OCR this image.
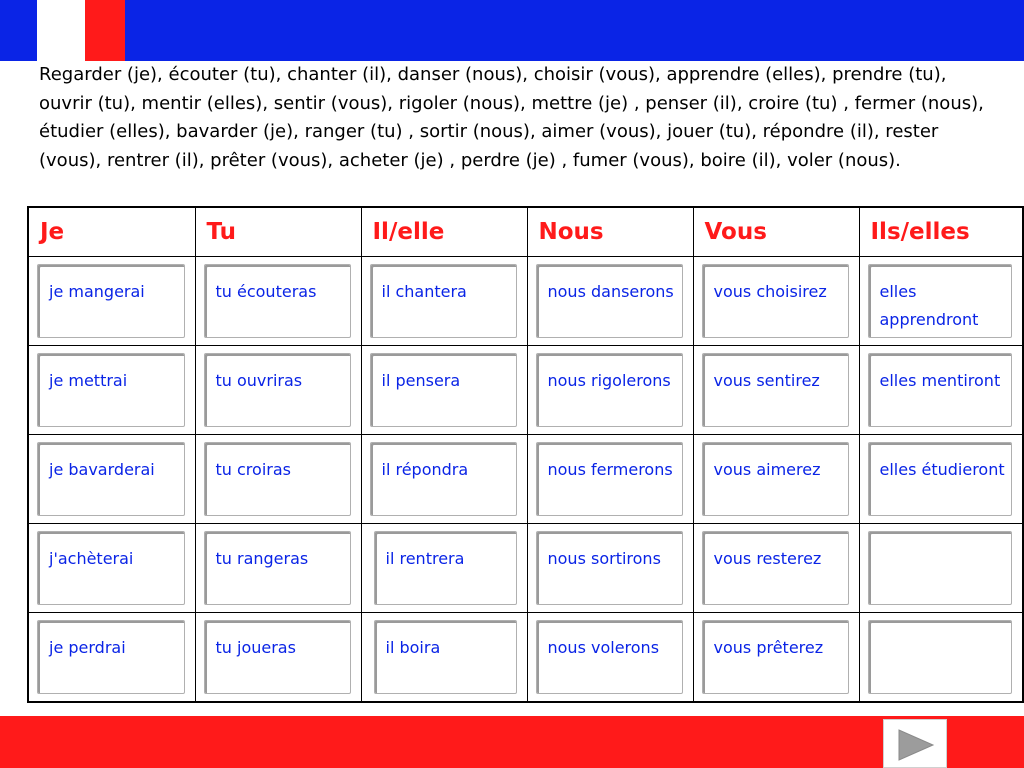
Regarder (je), écouter (tu), chanter (il), danser (nous), choisir (vous), apprendre (elles), prendre (tu), ouvrir (tu), mentir (elles), sentir (vous), rigoler (nous), mettre (je) , penser (il), croire (tu) , fermer (nous), étudier (elles), bavarder (je), ranger (tu) , sortir (nous), aimer (vous), jouer (tu), répondre (il), rester (vous), rentrer (il), prêter (vous), acheter (je) , perdre (je) , fumer (vous), boire (il), voler (nous).

Je	Tu	Il/elle	Nous	Vous	Ils/elles

je mangerai	tu écouteras	il chantera	nous danserons	vous choisirez	elles apprendront

je mettrai	tu ouvriras	il pensera	nous rigolerons	vous sentirez	elles mentiront

je bavarderai	tu croiras	il répondra	nous fermerons	vous aimerez	elles étudieront

j'achèterai	tu rangeras	il rentrera	nous sortirons	vous resterez	

je perdrai	tu joueras	il boira	nous volerons	vous prêterez	
